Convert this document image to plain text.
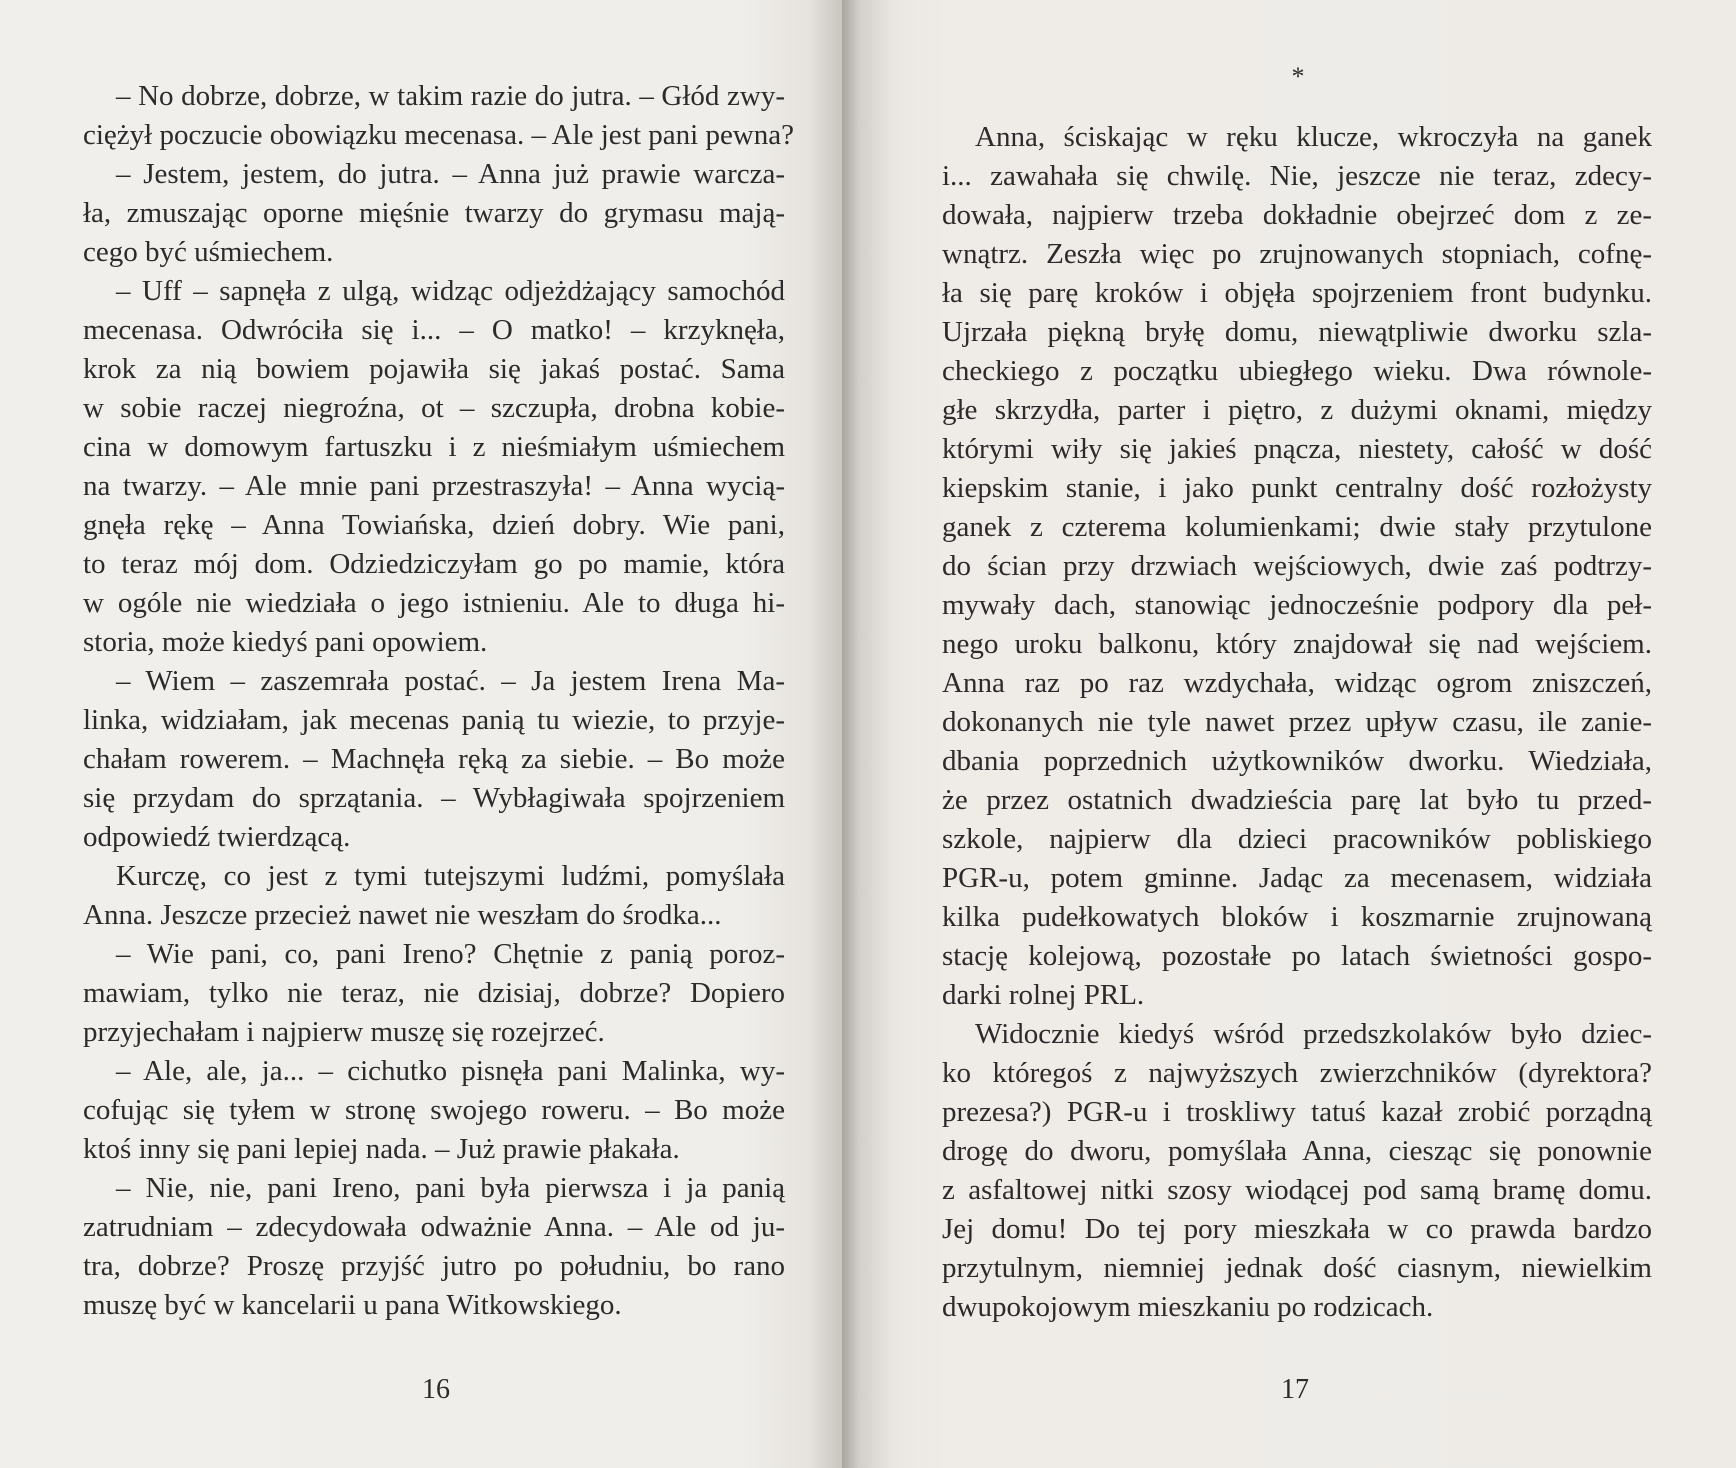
– No dobrze, dobrze, w takim razie do jutra. – Głód zwy-
ciężył poczucie obowiązku mecenasa. – Ale jest pani pewna?
– Jestem, jestem, do jutra. – Anna już prawie warcza-
ła, zmuszając oporne mięśnie twarzy do grymasu mają-
cego być uśmiechem.
– Uff – sapnęła z ulgą, widząc odjeżdżający samochód
mecenasa. Odwróciła się i... – O matko! – krzyknęła,
krok za nią bowiem pojawiła się jakaś postać. Sama
w sobie raczej niegroźna, ot – szczupła, drobna kobie-
cina w domowym fartuszku i z nieśmiałym uśmiechem
na twarzy. – Ale mnie pani przestraszyła! – Anna wycią-
gnęła rękę – Anna Towiańska, dzień dobry. Wie pani,
to teraz mój dom. Odziedziczyłam go po mamie, która
w ogóle nie wiedziała o jego istnieniu. Ale to długa hi-
storia, może kiedyś pani opowiem.
– Wiem – zaszemrała postać. – Ja jestem Irena Ma-
linka, widziałam, jak mecenas panią tu wiezie, to przyje-
chałam rowerem. – Machnęła ręką za siebie. – Bo może
się przydam do sprzątania. – Wybłagiwała spojrzeniem
odpowiedź twierdzącą.
Kurczę, co jest z tymi tutejszymi ludźmi, pomyślała
Anna. Jeszcze przecież nawet nie weszłam do środka...
– Wie pani, co, pani Ireno? Chętnie z panią poroz-
mawiam, tylko nie teraz, nie dzisiaj, dobrze? Dopiero
przyjechałam i najpierw muszę się rozejrzeć.
– Ale, ale, ja... – cichutko pisnęła pani Malinka, wy-
cofując się tyłem w stronę swojego roweru. – Bo może
ktoś inny się pani lepiej nada. – Już prawie płakała.
– Nie, nie, pani Ireno, pani była pierwsza i ja panią
zatrudniam – zdecydowała odważnie Anna. – Ale od ju-
tra, dobrze? Proszę przyjść jutro po południu, bo rano
muszę być w kancelarii u pana Witkowskiego.
16
*
Anna, ściskając w ręku klucze, wkroczyła na ganek
i... zawahała się chwilę. Nie, jeszcze nie teraz, zdecy-
dowała, najpierw trzeba dokładnie obejrzeć dom z ze-
wnątrz. Zeszła więc po zrujnowanych stopniach, cofnę-
ła się parę kroków i objęła spojrzeniem front budynku.
Ujrzała piękną bryłę domu, niewątpliwie dworku szla-
checkiego z początku ubiegłego wieku. Dwa równole-
głe skrzydła, parter i piętro, z dużymi oknami, między
którymi wiły się jakieś pnącza, niestety, całość w dość
kiepskim stanie, i jako punkt centralny dość rozłożysty
ganek z czterema kolumienkami; dwie stały przytulone
do ścian przy drzwiach wejściowych, dwie zaś podtrzy-
mywały dach, stanowiąc jednocześnie podpory dla peł-
nego uroku balkonu, który znajdował się nad wejściem.
Anna raz po raz wzdychała, widząc ogrom zniszczeń,
dokonanych nie tyle nawet przez upływ czasu, ile zanie-
dbania poprzednich użytkowników dworku. Wiedziała,
że przez ostatnich dwadzieścia parę lat było tu przed-
szkole, najpierw dla dzieci pracowników pobliskiego
PGR-u, potem gminne. Jadąc za mecenasem, widziała
kilka pudełkowatych bloków i koszmarnie zrujnowaną
stację kolejową, pozostałe po latach świetności gospo-
darki rolnej PRL.
Widocznie kiedyś wśród przedszkolaków było dziec-
ko któregoś z najwyższych zwierzchników (dyrektora?
prezesa?) PGR-u i troskliwy tatuś kazał zrobić porządną
drogę do dworu, pomyślała Anna, ciesząc się ponownie
z asfaltowej nitki szosy wiodącej pod samą bramę domu.
Jej domu! Do tej pory mieszkała w co prawda bardzo
przytulnym, niemniej jednak dość ciasnym, niewielkim
dwupokojowym mieszkaniu po rodzicach.
17
